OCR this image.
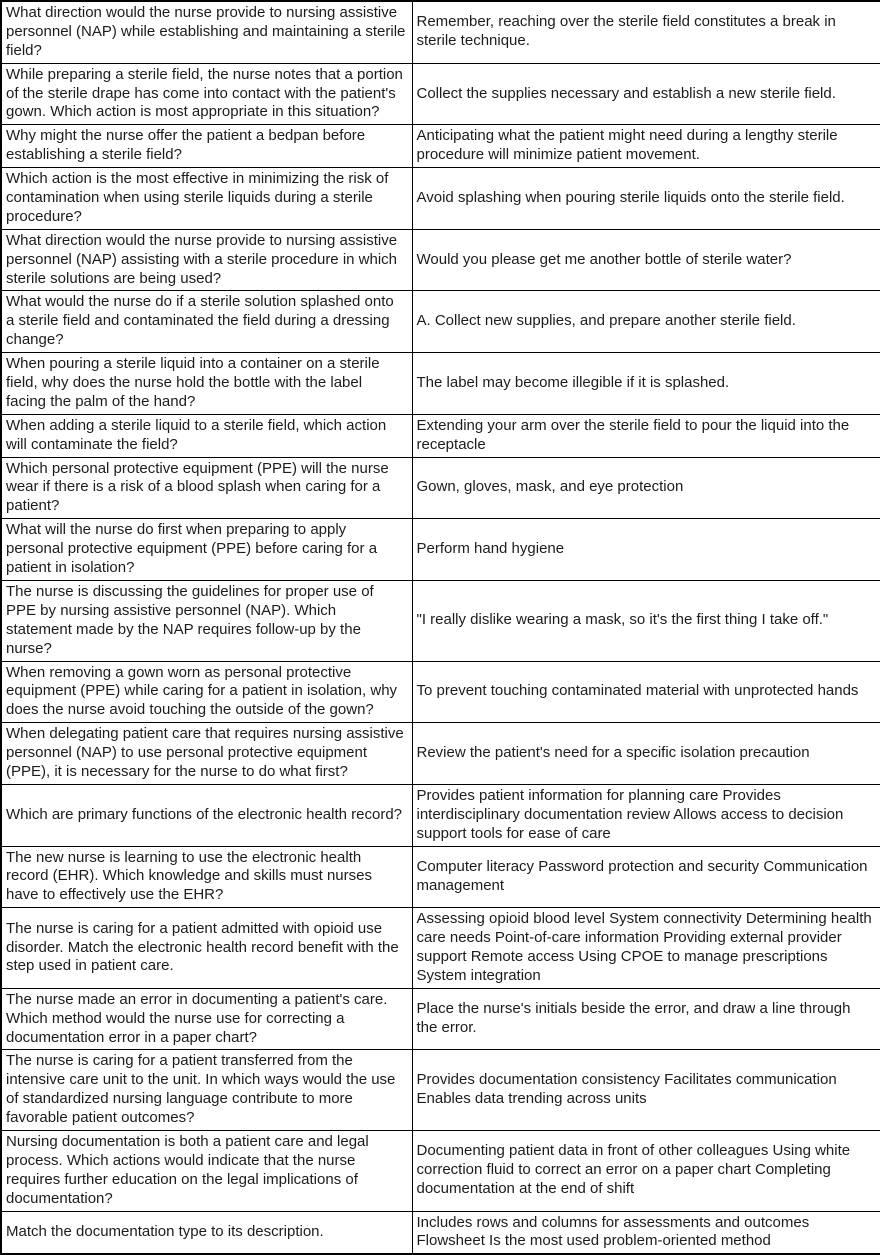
What direction would the nurse provide to nursing assistive personnel (NAP) while establishing and maintaining a sterile field?	Remember, reaching over the sterile field constitutes a break in sterile technique.
While preparing a sterile field, the nurse notes that a portion of the sterile drape has come into contact with the patient's gown. Which action is most appropriate in this situation?	Collect the supplies necessary and establish a new sterile field.
Why might the nurse offer the patient a bedpan before establishing a sterile field?	Anticipating what the patient might need during a lengthy sterile procedure will minimize patient movement.
Which action is the most effective in minimizing the risk of contamination when using sterile liquids during a sterile procedure?	Avoid splashing when pouring sterile liquids onto the sterile field.
What direction would the nurse provide to nursing assistive personnel (NAP) assisting with a sterile procedure in which sterile solutions are being used?	Would you please get me another bottle of sterile water?
What would the nurse do if a sterile solution splashed onto a sterile field and contaminated the field during a dressing change?	A. Collect new supplies, and prepare another sterile field.
When pouring a sterile liquid into a container on a sterile field, why does the nurse hold the bottle with the label facing the palm of the hand?	The label may become illegible if it is splashed.
When adding a sterile liquid to a sterile field, which action will contaminate the field?	Extending your arm over the sterile field to pour the liquid into the receptacle
Which personal protective equipment (PPE) will the nurse wear if there is a risk of a blood splash when caring for a patient?	Gown, gloves, mask, and eye protection
What will the nurse do first when preparing to apply personal protective equipment (PPE) before caring for a patient in isolation?	Perform hand hygiene
The nurse is discussing the guidelines for proper use of PPE by nursing assistive personnel (NAP). Which statement made by the NAP requires follow-up by the nurse?	"I really dislike wearing a mask, so it's the first thing I take off."
When removing a gown worn as personal protective equipment (PPE) while caring for a patient in isolation, why does the nurse avoid touching the outside of the gown?	To prevent touching contaminated material with unprotected hands
When delegating patient care that requires nursing assistive personnel (NAP) to use personal protective equipment (PPE), it is necessary for the nurse to do what first?	Review the patient's need for a specific isolation precaution
Which are primary functions of the electronic health record?	Provides patient information for planning care Provides interdisciplinary documentation review Allows access to decision support tools for ease of care
The new nurse is learning to use the electronic health record (EHR). Which knowledge and skills must nurses have to effectively use the EHR?	Computer literacy Password protection and security Communication management
The nurse is caring for a patient admitted with opioid use disorder. Match the electronic health record benefit with the step used in patient care.	Assessing opioid blood level System connectivity Determining health care needs Point-of-care information Providing external provider support Remote access Using CPOE to manage prescriptions System integration
The nurse made an error in documenting a patient's care. Which method would the nurse use for correcting a documentation error in a paper chart?	Place the nurse's initials beside the error, and draw a line through the error.
The nurse is caring for a patient transferred from the intensive care unit to the unit. In which ways would the use of standardized nursing language contribute to more favorable patient outcomes?	Provides documentation consistency Facilitates communication Enables data trending across units
Nursing documentation is both a patient care and legal process. Which actions would indicate that the nurse requires further education on the legal implications of documentation?	Documenting patient data in front of other colleagues Using white correction fluid to correct an error on a paper chart Completing documentation at the end of shift
Match the documentation type to its description.	Includes rows and columns for assessments and outcomes Flowsheet Is the most used problem-oriented method
